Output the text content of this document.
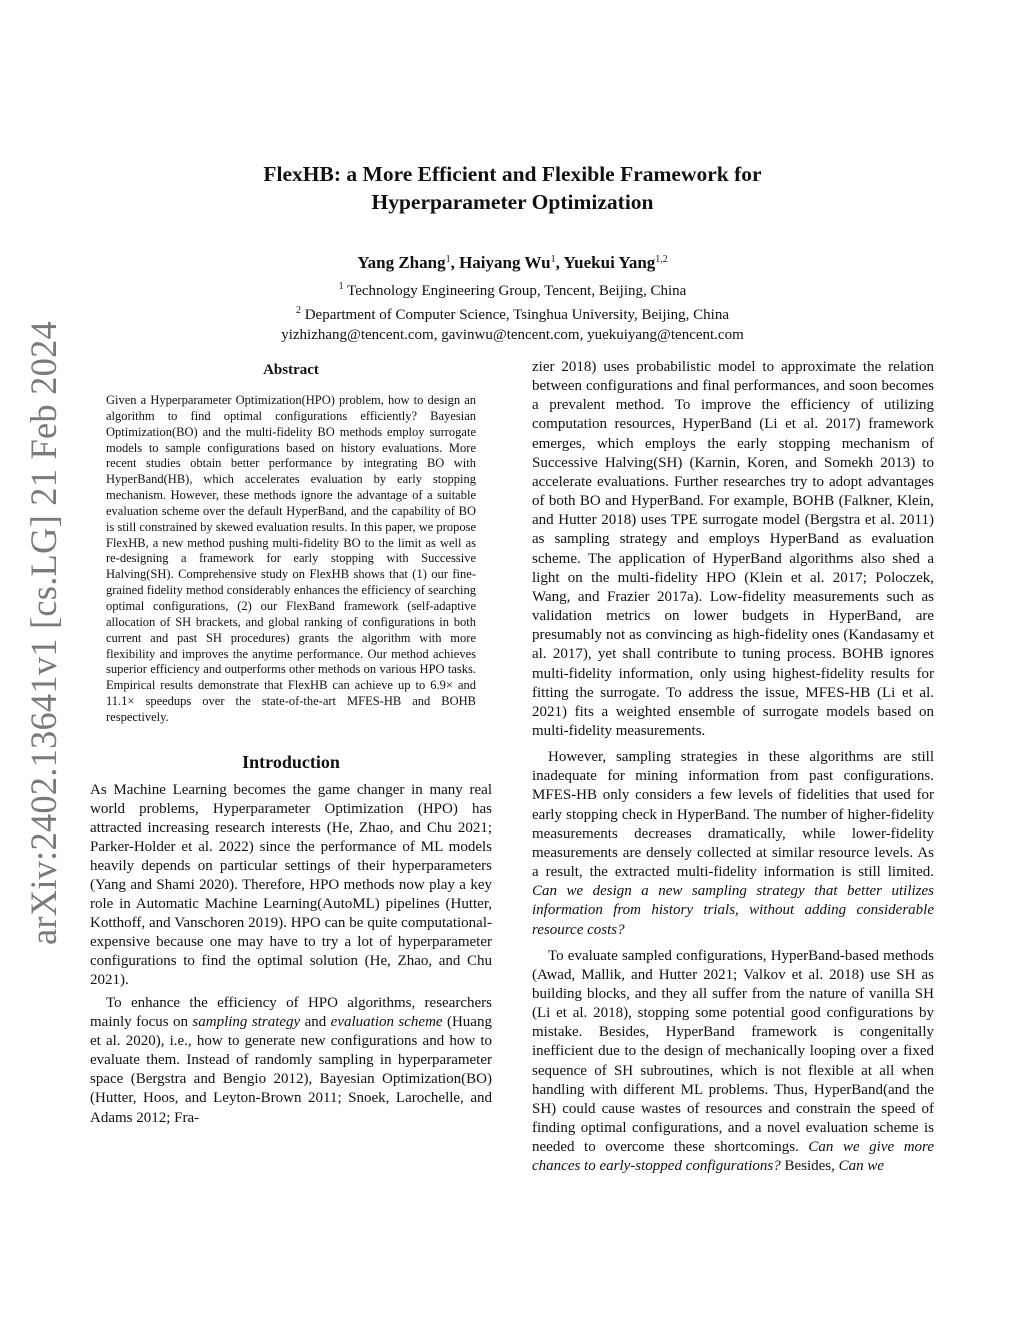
arXiv:2402.13641v1 [cs.LG] 21 Feb 2024
FlexHB: a More Efficient and Flexible Framework for
Hyperparameter Optimization
Yang Zhang$^1$, Haiyang Wu$^1$, Yuekui Yang$^{1,2}$
$^1$ Technology Engineering Group, Tencent, Beijing, China
$^2$ Department of Computer Science, Tsinghua University, Beijing, China
yizhizhang@tencent.com, gavinwu@tencent.com, yuekuiyang@tencent.com
Abstract

Given a Hyperparameter Optimization(HPO) problem, how to design an algorithm to find optimal configurations efficiently? Bayesian Optimization(BO) and the multi-fidelity BO methods employ surrogate models to sample configurations based on history evaluations. More recent studies obtain better performance by integrating BO with HyperBand(HB), which accelerates evaluation by early stopping mechanism. However, these methods ignore the advantage of a suitable evaluation scheme over the default HyperBand, and the capability of BO is still constrained by skewed evaluation results. In this paper, we propose FlexHB, a new method pushing multi-fidelity BO to the limit as well as re-designing a framework for early stopping with Successive Halving(SH). Comprehensive study on FlexHB shows that (1) our fine-grained fidelity method considerably enhances the efficiency of searching optimal configurations, (2) our FlexBand framework (self-adaptive allocation of SH brackets, and global ranking of configurations in both current and past SH procedures) grants the algorithm with more flexibility and improves the anytime performance. Our method achieves superior efficiency and outperforms other methods on various HPO tasks. Empirical results demonstrate that FlexHB can achieve up to 6.9× and 11.1× speedups over the state-of-the-art MFES-HB and BOHB respectively.

Introduction

As Machine Learning becomes the game changer in many real world problems, Hyperparameter Optimization (HPO) has attracted increasing research interests (He, Zhao, and Chu 2021; Parker-Holder et al. 2022) since the performance of ML models heavily depends on particular settings of their hyperparameters (Yang and Shami 2020). Therefore, HPO methods now play a key role in Automatic Machine Learning(AutoML) pipelines (Hutter, Kotthoff, and Vanschoren 2019). HPO can be quite computational-expensive because one may have to try a lot of hyperparameter configurations to find the optimal solution (He, Zhao, and Chu 2021).

To enhance the efficiency of HPO algorithms, researchers mainly focus on sampling strategy and evaluation scheme (Huang et al. 2020), i.e., how to generate new configurations and how to evaluate them. Instead of randomly sampling in hyperparameter space (Bergstra and Bengio 2012), Bayesian Optimization(BO) (Hutter, Hoos, and Leyton-Brown 2011; Snoek, Larochelle, and Adams 2012; Fra-

zier 2018) uses probabilistic model to approximate the relation between configurations and final performances, and soon becomes a prevalent method. To improve the efficiency of utilizing computation resources, HyperBand (Li et al. 2017) framework emerges, which employs the early stopping mechanism of Successive Halving(SH) (Karnin, Koren, and Somekh 2013) to accelerate evaluations. Further researches try to adopt advantages of both BO and HyperBand. For example, BOHB (Falkner, Klein, and Hutter 2018) uses TPE surrogate model (Bergstra et al. 2011) as sampling strategy and employs HyperBand as evaluation scheme. The application of HyperBand algorithms also shed a light on the multi-fidelity HPO (Klein et al. 2017; Poloczek, Wang, and Frazier 2017a). Low-fidelity measurements such as validation metrics on lower budgets in HyperBand, are presumably not as convincing as high-fidelity ones (Kandasamy et al. 2017), yet shall contribute to tuning process. BOHB ignores multi-fidelity information, only using highest-fidelity results for fitting the surrogate. To address the issue, MFES-HB (Li et al. 2021) fits a weighted ensemble of surrogate models based on multi-fidelity measurements.

However, sampling strategies in these algorithms are still inadequate for mining information from past configurations. MFES-HB only considers a few levels of fidelities that used for early stopping check in HyperBand. The number of higher-fidelity measurements decreases dramatically, while lower-fidelity measurements are densely collected at similar resource levels. As a result, the extracted multi-fidelity information is still limited. Can we design a new sampling strategy that better utilizes information from history trials, without adding considerable resource costs?

To evaluate sampled configurations, HyperBand-based methods (Awad, Mallik, and Hutter 2021; Valkov et al. 2018) use SH as building blocks, and they all suffer from the nature of vanilla SH (Li et al. 2018), stopping some potential good configurations by mistake. Besides, HyperBand framework is congenitally inefficient due to the design of mechanically looping over a fixed sequence of SH subroutines, which is not flexible at all when handling with different ML problems. Thus, HyperBand(and the SH) could cause wastes of resources and constrain the speed of finding optimal configurations, and a novel evaluation scheme is needed to overcome these shortcomings. Can we give more chances to early-stopped configurations? Besides, Can we
